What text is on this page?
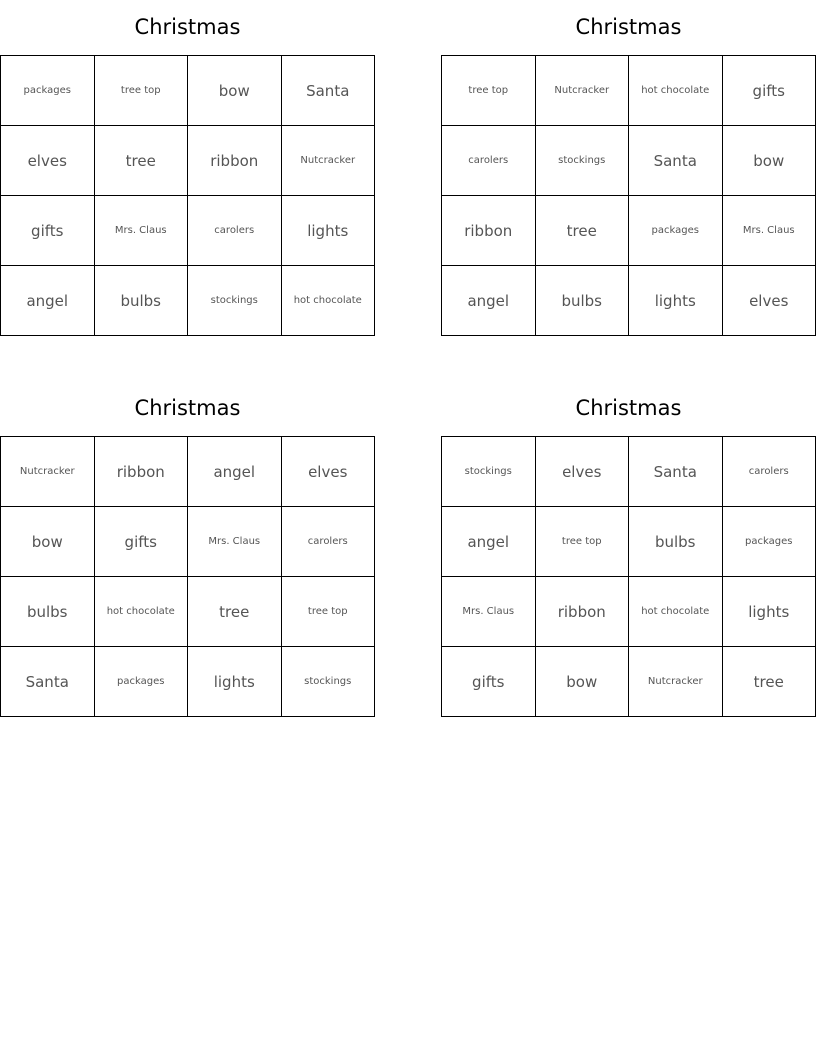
Christmas
packages	tree top	bow	Santa
elves	tree	ribbon	Nutcracker
gifts	Mrs. Claus	carolers	lights
angel	bulbs	stockings	hot chocolate
Christmas
tree top	Nutcracker	hot chocolate	gifts
carolers	stockings	Santa	bow
ribbon	tree	packages	Mrs. Claus
angel	bulbs	lights	elves
Christmas
Nutcracker	ribbon	angel	elves
bow	gifts	Mrs. Claus	carolers
bulbs	hot chocolate	tree	tree top
Santa	packages	lights	stockings
Christmas
stockings	elves	Santa	carolers
angel	tree top	bulbs	packages
Mrs. Claus	ribbon	hot chocolate	lights
gifts	bow	Nutcracker	tree
